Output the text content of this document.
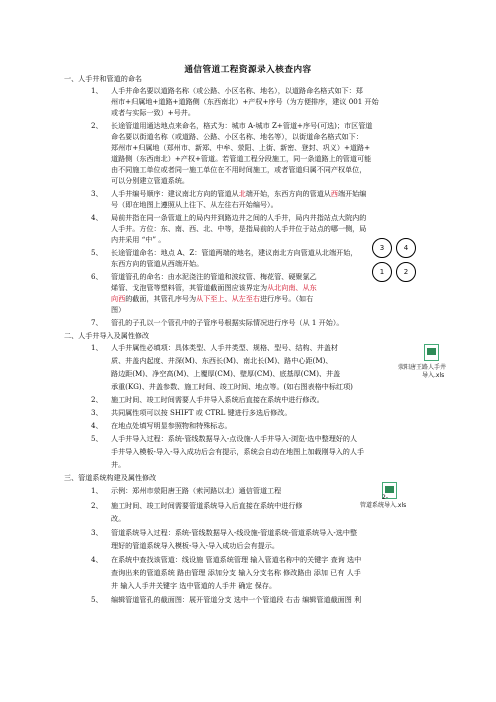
通信管道工程资源录入核查内容
一、人手井和管道的命名
1、 人手井命名要以道路名称（或公路、小区名称、地名），以道路命名格式如下：郑
州市+归属地+道路+道路侧（东西南北）+产权+序号（为方便排序，建议 001 开始
或者与实际一致）+号井。
2、 长途管道用通达地点来命名，格式为：城市 A-城市 Z+管道+序号(可选)；市区管道
命名要以街道名称（或道路、公路、小区名称、地名等），以街道命名格式如下：
郑州市+归属地（郑州市、新郑、中牟、荥阳、上街、新密、登封、巩义）+道路+
道路侧（东西南北）+产权+管道。若管道工程分段施工，同一条道路上的管道可能
由不同施工单位或者同一施工单位在不用时间施工，或者管道归属不同产权单位，
可以分别建立管道系统。
3、 人手井编号顺序：建议南北方向的管道从北端开始，东西方向的管道从西端开始编
号（即在地图上遵照从上往下、从左往右开始编号）。
4、 局前井指在同一条管道上的局内井到路边井之间的人手井，局内井指站点大院内的
人手井。方位：东、南、西、北、中等，是指局前的人手井位于站点的哪一侧，局
内井采用 “中” 。
5、 长途管道命名：地点 A、Z：管道两端的地名，建议南北方向管道从北端开始，
东西方向的管道从西端开始。
6、 管道管孔的命名：由水泥浇注的管道和波纹管、梅花管、硬聚氯乙
烯管、戈泡管等塑料管，其管道截面图应该界定为从北向南、从东
向西的截面，其管孔序号为从下至上、从左至右进行序号。（如右
图）
3	4
1	2
7、 管孔的子孔以一个管孔中的子管序号根据实际情况进行序号（从 1 开始）。
二、人手井导入及属性修改
1、 人手井属性必填项：具体类型、人手井类型、规格、型号、结构、井盖材
质、井盖内起度、井深(M)、东西长(M)、南北长(M)、路中心距(M)、
路边距(M)、净空高(M)、上覆厚(CM)、壁厚(CM)、底基厚(CM)、井盖
承重(KG)、井盖参数、施工时间、竣工时间、地点等。(如右图表格中标红项)
荥阳唐王路人手井
导入.xls
2、 施工时间、竣工时间需要人手井导入系统后直接在系统中进行修改。
3、 共同属性项可以按 SHIFT 或 CTRL 键进行多选后修改。
4、 在地点处填写明显参照物和特殊标志。
5、 人手井导入过程：系统-管线数据导入-点设施-人手井导入-浏览-选中整理好的人
手井导入模板-导入-导入成功后会有提示，系统会自动在地图上加载刚导入的人手
井。
三、管道系统构建及属性修改
1、 示例：郑州市荥阳唐王路（索河路以北）通信管道工程
2-
管道系统导入.xls
2、 施工时间、竣工时间需要管道系统导入后直接在系统中进行修
改。
3、 管道系统导入过程：系统-管线数据导入-线设施-管道系统-管道系统导入-选中整
理好的管道系统导入模板-导入-导入成功后会有提示。
4、 在系统中查找该管道：线设施 管道系统管理 输入管道名称中的关键字 查询 选中
查询出来的管道系统 路由管理 添加分支 输入分支名称 修改路由 添加 已有 人手
井 输入人手井关键字 选中管道的人手井 确定 保存。
5、 编辑管道管孔的截面图：展开管道分支 选中一个管道段 右击 编辑管道截面图 利
